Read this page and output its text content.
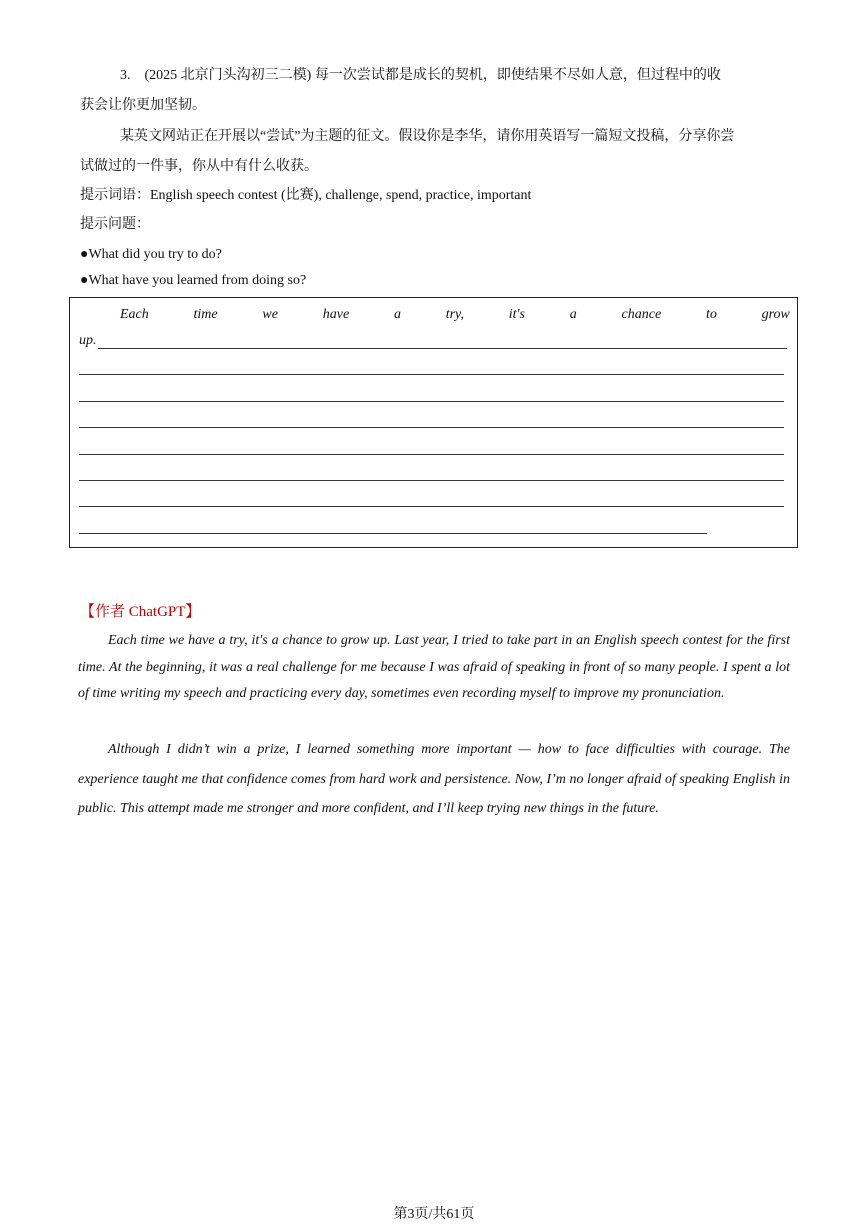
3.　(2025 北京门头沟初三二模) 每一次尝试都是成长的契机，即使结果不尽如人意，但过程中的收
获会让你更加坚韧。
某英文网站正在开展以“尝试”为主题的征文。假设你是李华，请你用英语写一篇短文投稿，分享你尝
试做过的一件事，你从中有什么收获。
提示词语：English speech contest (比赛), challenge, spend, practice, important
提示问题：
●What did you try to do?
●What have you learned from doing so?
Each	time	we	have	a	try,	it's	a	chance	to	grow
up.
【作者 ChatGPT】
Each time we have a try, it's a chance to grow up. Last year, I tried to take part in an English speech contest for the first time. At the beginning, it was a real challenge for me because I was afraid of speaking in front of so many people. I spent a lot of time writing my speech and practicing every day, sometimes even recording myself to improve my pronunciation.
Although I didn’t win a prize, I learned something more important — how to face difficulties with courage. The experience taught me that confidence comes from hard work and persistence. Now, I’m no longer afraid of speaking English in public. This attempt made me stronger and more confident, and I’ll keep trying new things in the future.
第3页/共61页
